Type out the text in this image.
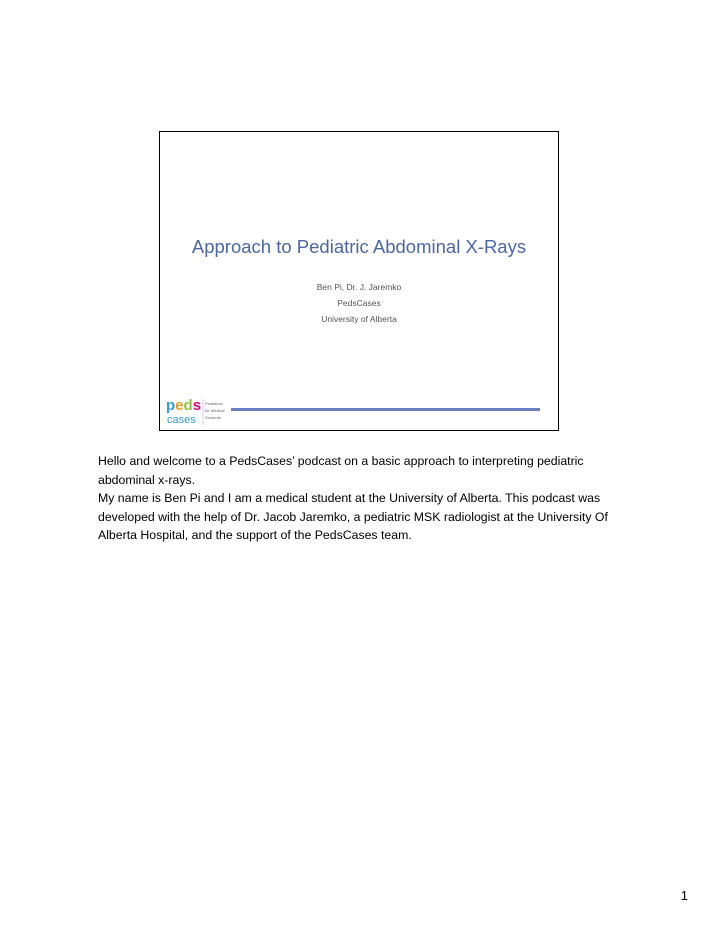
Approach to Pediatric Abdominal X-Rays
Ben Pi, Dr. J. Jaremko
PedsCases
University of Alberta
peds
cases
Pediatrics
for Medical
Students

Hello and welcome to a PedsCases’ podcast on a basic approach to interpreting pediatric abdominal x-rays.

My name is Ben Pi and I am a medical student at the University of Alberta. This podcast was developed with the help of Dr. Jacob Jaremko, a pediatric MSK radiologist at the University Of Alberta Hospital, and the support of the PedsCases team.

1
